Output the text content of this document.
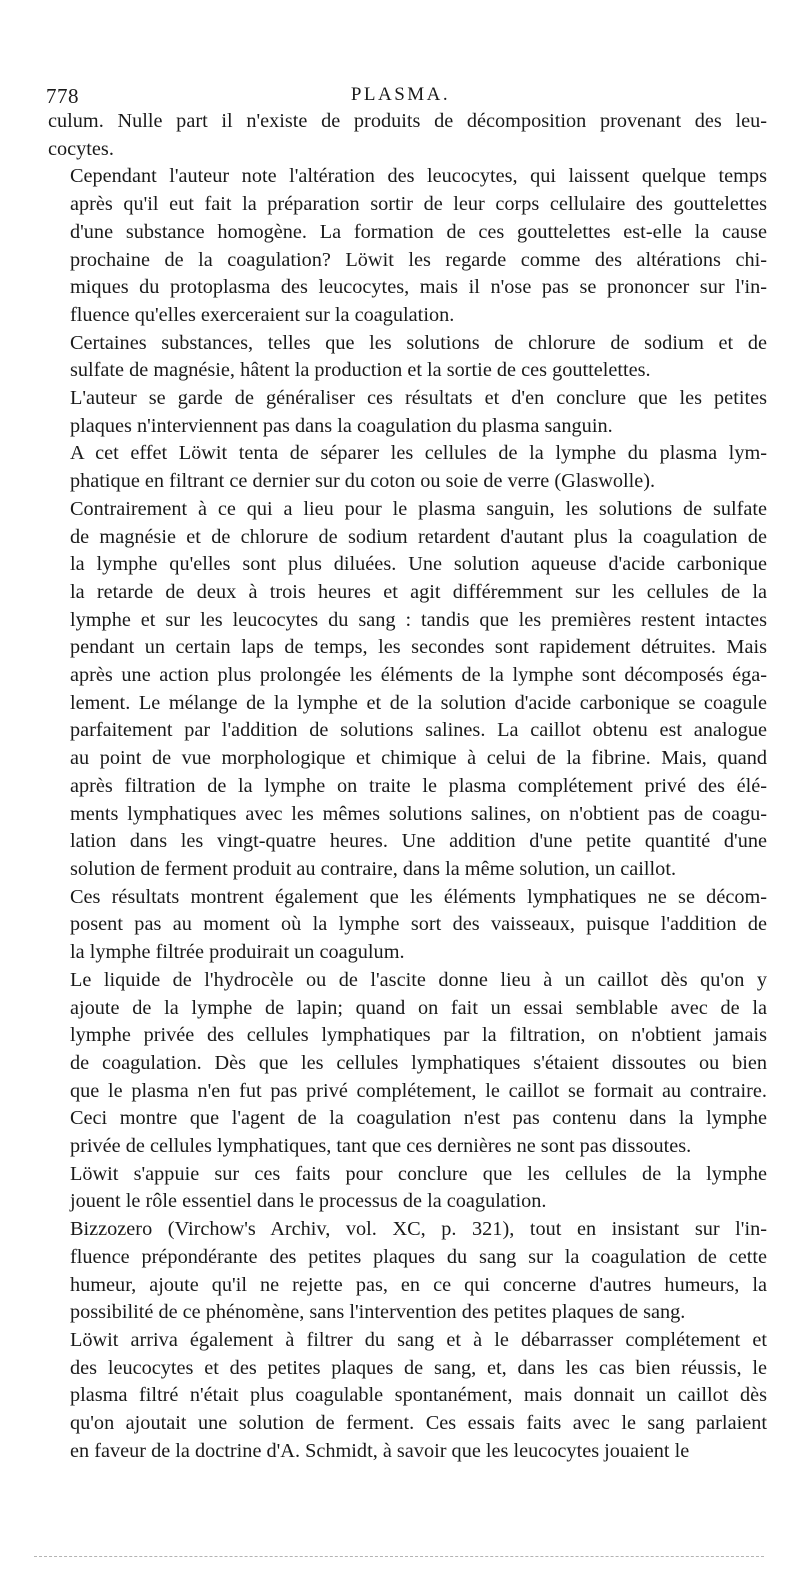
778	PLASMA.

culum. Nulle part il n'existe de produits de décomposition provenant des leu-
cocytes.

Cependant l'auteur note l'altération des leucocytes, qui laissent quelque temps
après qu'il eut fait la préparation sortir de leur corps cellulaire des gouttelettes
d'une substance homogène. La formation de ces gouttelettes est-elle la cause
prochaine de la coagulation? Löwit les regarde comme des altérations chi-
miques du protoplasma des leucocytes, mais il n'ose pas se prononcer sur l'in-
fluence qu'elles exerceraient sur la coagulation.

Certaines substances, telles que les solutions de chlorure de sodium et de
sulfate de magnésie, hâtent la production et la sortie de ces gouttelettes.

L'auteur se garde de généraliser ces résultats et d'en conclure que les petites
plaques n'interviennent pas dans la coagulation du plasma sanguin.

A cet effet Löwit tenta de séparer les cellules de la lymphe du plasma lym-
phatique en filtrant ce dernier sur du coton ou soie de verre (Glaswolle).

Contrairement à ce qui a lieu pour le plasma sanguin, les solutions de sulfate
de magnésie et de chlorure de sodium retardent d'autant plus la coagulation de
la lymphe qu'elles sont plus diluées. Une solution aqueuse d'acide carbonique
la retarde de deux à trois heures et agit différemment sur les cellules de la
lymphe et sur les leucocytes du sang : tandis que les premières restent intactes
pendant un certain laps de temps, les secondes sont rapidement détruites. Mais
après une action plus prolongée les éléments de la lymphe sont décomposés éga-
lement. Le mélange de la lymphe et de la solution d'acide carbonique se coagule
parfaitement par l'addition de solutions salines. La caillot obtenu est analogue
au point de vue morphologique et chimique à celui de la fibrine. Mais, quand
après filtration de la lymphe on traite le plasma complétement privé des élé-
ments lymphatiques avec les mêmes solutions salines, on n'obtient pas de coagu-
lation dans les vingt-quatre heures. Une addition d'une petite quantité d'une
solution de ferment produit au contraire, dans la même solution, un caillot.

Ces résultats montrent également que les éléments lymphatiques ne se décom-
posent pas au moment où la lymphe sort des vaisseaux, puisque l'addition de
la lymphe filtrée produirait un coagulum.

Le liquide de l'hydrocèle ou de l'ascite donne lieu à un caillot dès qu'on y
ajoute de la lymphe de lapin; quand on fait un essai semblable avec de la
lymphe privée des cellules lymphatiques par la filtration, on n'obtient jamais
de coagulation. Dès que les cellules lymphatiques s'étaient dissoutes ou bien
que le plasma n'en fut pas privé complétement, le caillot se formait au contraire.
Ceci montre que l'agent de la coagulation n'est pas contenu dans la lymphe
privée de cellules lymphatiques, tant que ces dernières ne sont pas dissoutes.

Löwit s'appuie sur ces faits pour conclure que les cellules de la lymphe
jouent le rôle essentiel dans le processus de la coagulation.

Bizzozero (Virchow's Archiv, vol. XC, p. 321), tout en insistant sur l'in-
fluence prépondérante des petites plaques du sang sur la coagulation de cette
humeur, ajoute qu'il ne rejette pas, en ce qui concerne d'autres humeurs, la
possibilité de ce phénomène, sans l'intervention des petites plaques de sang.

Löwit arriva également à filtrer du sang et à le débarrasser complétement et
des leucocytes et des petites plaques de sang, et, dans les cas bien réussis, le
plasma filtré n'était plus coagulable spontanément, mais donnait un caillot dès
qu'on ajoutait une solution de ferment. Ces essais faits avec le sang parlaient
en faveur de la doctrine d'A. Schmidt, à savoir que les leucocytes jouaient le
